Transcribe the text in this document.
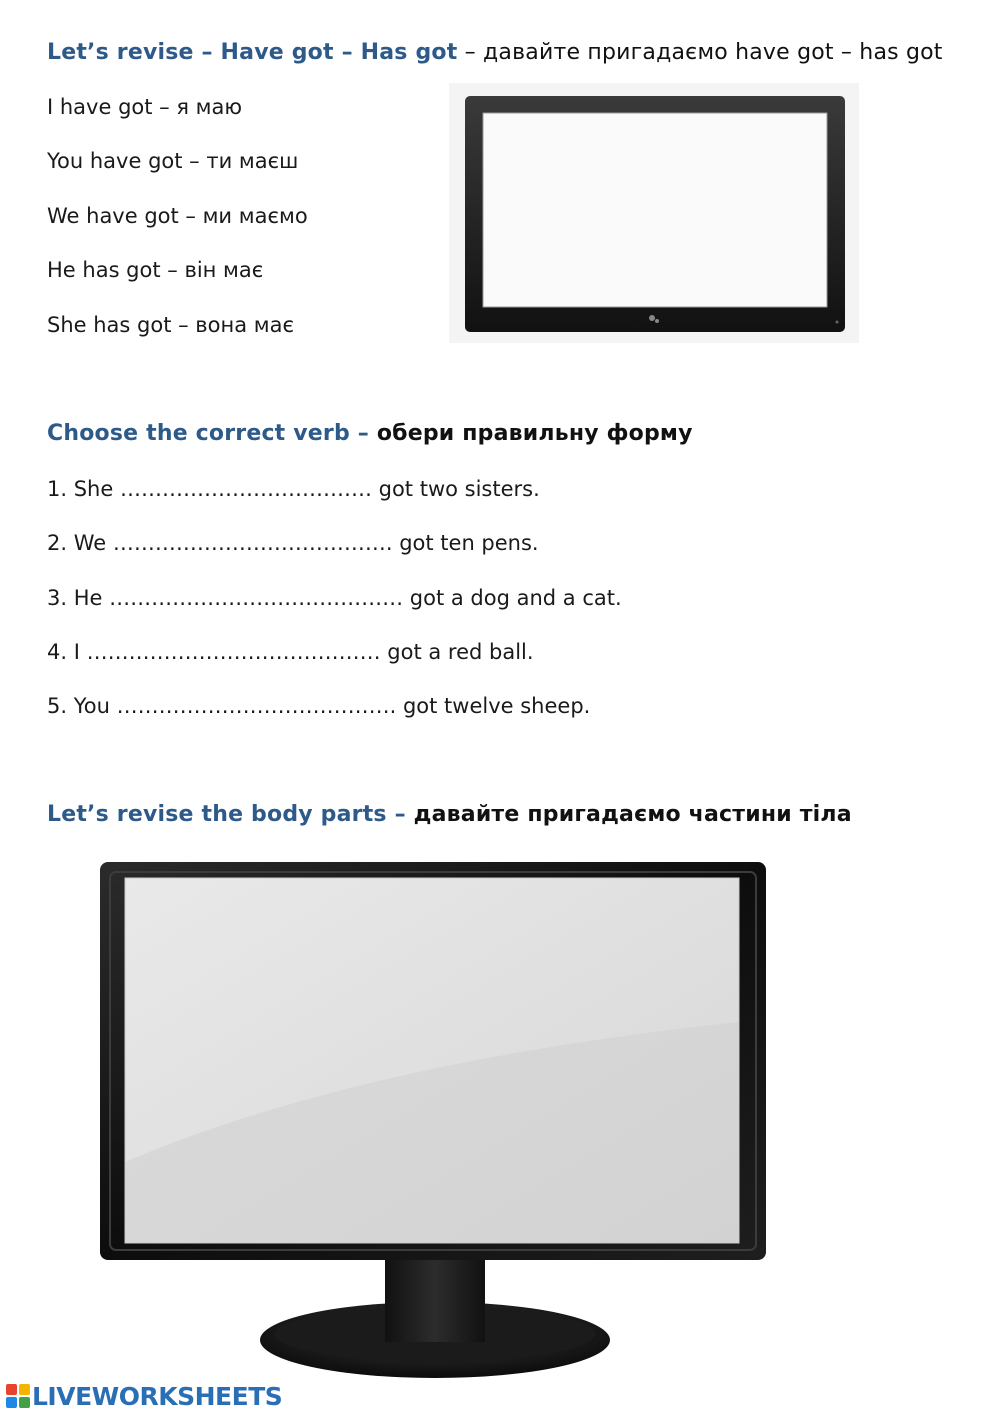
Let’s revise – Have got – Has got – давайте пригадаємо have got – has got
I have got – я маю
You have got – ти маєш
We have got – ми маємо
He has got – він має
She has got – вона має
Choose the correct verb – обери правильну форму
1. She ……………………………… got two sisters.
2. We …………………………………. got ten pens.
3. He …………………………………… got a dog and a cat.
4. I …………………………………… got a red ball.
5. You …………………………………. got twelve sheep.
Let’s revise the body parts – давайте пригадаємо частини тіла
LIVEWORKSHEETS
